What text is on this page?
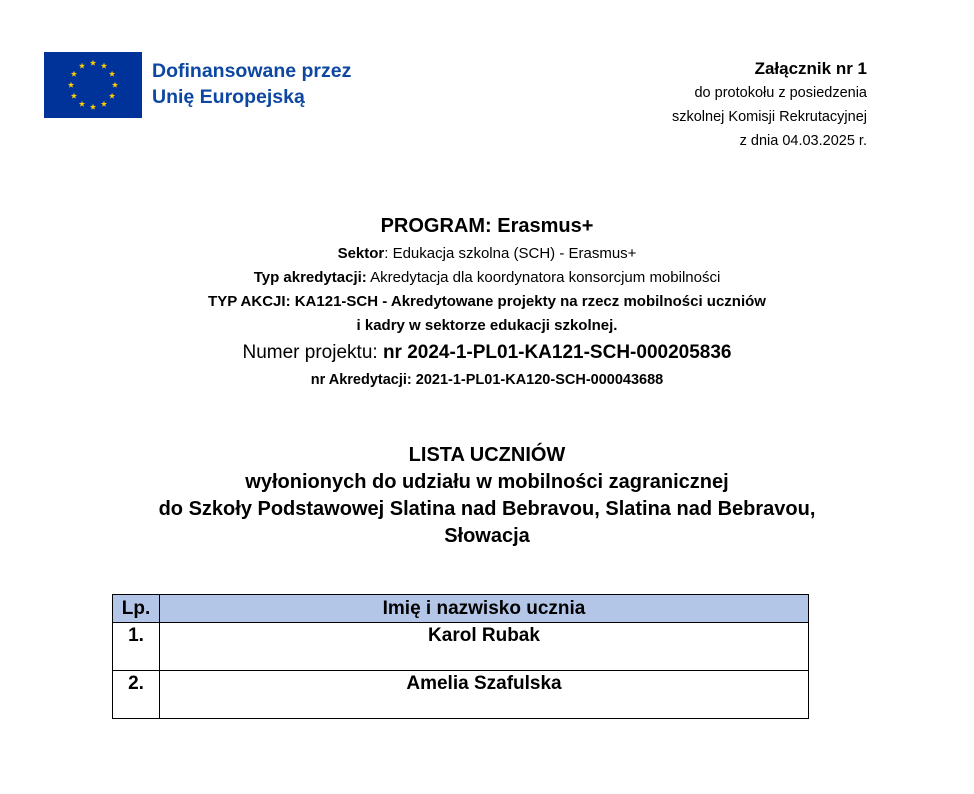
Dofinansowane przez
Unię Europejską
Załącznik nr 1
do protokołu z posiedzenia
szkolnej Komisji Rekrutacyjnej
z dnia 04.03.2025 r.
PROGRAM: Erasmus+
Sektor: Edukacja szkolna (SCH) - Erasmus+
Typ akredytacji: Akredytacja dla koordynatora konsorcjum mobilności
TYP AKCJI: KA121-SCH - Akredytowane projekty na rzecz mobilności uczniów
i kadry w sektorze edukacji szkolnej.
Numer projektu: nr 2024-1-PL01-KA121-SCH-000205836
nr Akredytacji: 2021-1-PL01-KA120-SCH-000043688
LISTA UCZNIÓW
wyłonionych do udziału w mobilności zagranicznej
do Szkoły Podstawowej Slatina nad Bebravou, Slatina nad Bebravou,
Słowacja
Lp.	Imię i nazwisko ucznia
1.	Karol Rubak
2.	Amelia Szafulska
